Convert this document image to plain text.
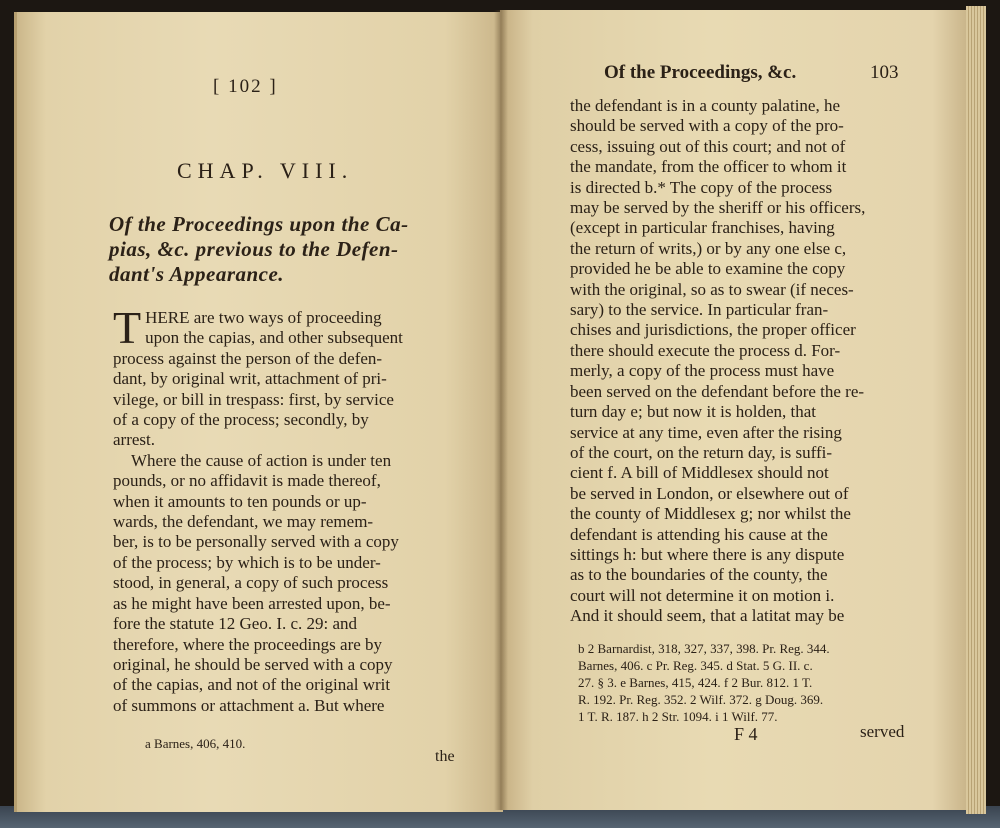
[ 102 ]
CHAP. VIII.
Of the Proceedings upon the Ca-
pias, &c. previous to the Defen-
dant's Appearance.
T HERE are two ways of proceeding
upon the capias, and other subsequent
process against the person of the defen-
dant, by original writ, attachment of pri-
vilege, or bill in trespass: first, by service
of a copy of the process; secondly, by
arrest.
Where the cause of action is under ten
pounds, or no affidavit is made thereof,
when it amounts to ten pounds or up-
wards, the defendant, we may remem-
ber, is to be personally served with a copy
of the process; by which is to be under-
stood, in general, a copy of such process
as he might have been arrested upon, be-
fore the statute 12 Geo. I. c. 29: and
therefore, where the proceedings are by
original, he should be served with a copy
of the capias, and not of the original writ
of summons or attachment a. But where
a Barnes, 406, 410.
the
Of the Proceedings, &c.	103
the defendant is in a county palatine, he
should be served with a copy of the pro-
cess, issuing out of this court; and not of
the mandate, from the officer to whom it
is directed b.* The copy of the process
may be served by the sheriff or his officers,
(except in particular franchises, having
the return of writs,) or by any one else c,
provided he be able to examine the copy
with the original, so as to swear (if neces-
sary) to the service. In particular fran-
chises and jurisdictions, the proper officer
there should execute the process d. For-
merly, a copy of the process must have
been served on the defendant before the re-
turn day e; but now it is holden, that
service at any time, even after the rising
of the court, on the return day, is suffi-
cient f. A bill of Middlesex should not
be served in London, or elsewhere out of
the county of Middlesex g; nor whilst the
defendant is attending his cause at the
sittings h: but where there is any dispute
as to the boundaries of the county, the
court will not determine it on motion i.
And it should seem, that a latitat may be
b 2 Barnardist, 318, 327, 337, 398. Pr. Reg. 344.
Barnes, 406. c Pr. Reg. 345. d Stat. 5 G. II. c.
27. § 3. e Barnes, 415, 424. f 2 Bur. 812. 1 T.
R. 192. Pr. Reg. 352. 2 Wilf. 372. g Doug. 369.
1 T. R. 187. h 2 Str. 1094. i 1 Wilf. 77.
F 4	served
